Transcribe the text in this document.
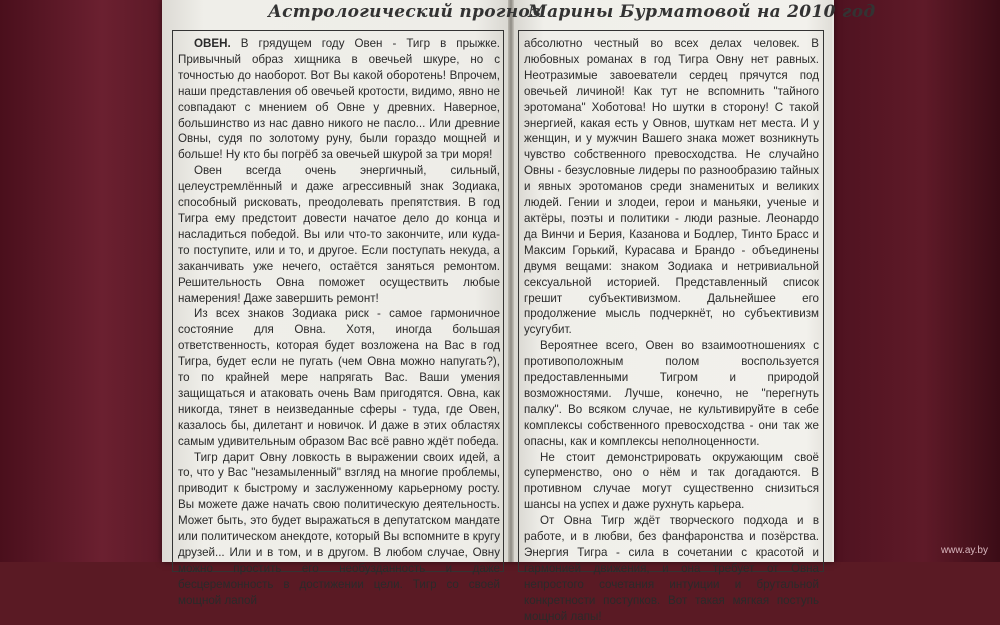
Астрологический прогноз
Марины Бурматовой на 2010 год

ОВЕН. В грядущем году Овен - Тигр в прыжке. Привычный образ хищника в овечьей шкуре, но с точностью до наоборот. Вот Вы какой оборотень! Впрочем, наши представления об овечьей кротости, видимо, явно не совпадают с мнением об Овне у древних. Наверное, большинство из нас давно никого не пасло... Или древние Овны, судя по золотому руну, были гораздо мощней и больше! Ну кто бы погрёб за овечьей шкурой за три моря!

Овен всегда очень энергичный, сильный, целеустремлённый и даже агрессивный знак Зодиака, способный рисковать, преодолевать препятствия. В год Тигра ему предстоит довести начатое дело до конца и насладиться победой. Вы или что-то закончите, или куда-то поступите, или и то, и другое. Если поступать некуда, а заканчивать уже нечего, остаётся заняться ремонтом. Решительность Овна поможет осуществить любые намерения! Даже завершить ремонт!

Из всех знаков Зодиака риск - самое гармоничное состояние для Овна. Хотя, иногда большая ответственность, которая будет возложена на Вас в год Тигра, будет если не пугать (чем Овна можно напугать?), то по крайней мере напрягать Вас. Ваши умения защищаться и атаковать очень Вам пригодятся. Овна, как никогда, тянет в неизведанные сферы - туда, где Овен, казалось бы, дилетант и новичок. И даже в этих областях самым удивительным образом Вас всё равно ждёт победа.

Тигр дарит Овну ловкость в выражении своих идей, а то, что у Вас "незамыленный" взгляд на многие проблемы, приводит к быстрому и заслуженному карьерному росту. Вы можете даже начать свою политическую деятельность. Может быть, это будет выражаться в депутатском мандате или политическом анекдоте, который Вы вспомните в кругу друзей... Или и в том, и в другом. В любом случае, Овну можно простить его необузданность и даже бесцеремонность в достижении цели. Тигр со своей мощной лапой

абсолютно честный во всех делах человек. В любовных романах в год Тигра Овну нет равных. Неотразимые завоеватели сердец прячутся под овечьей личиной! Как тут не вспомнить "тайного эротомана" Хоботова! Но шутки в сторону! С такой энергией, какая есть у Овнов, шуткам нет места. И у женщин, и у мужчин Вашего знака может возникнуть чувство собственного превосходства. Не случайно Овны - безусловные лидеры по разнообразию тайных и явных эротоманов среди знаменитых и великих людей. Гении и злодеи, герои и маньяки, ученые и актёры, поэты и политики - люди разные. Леонардо да Винчи и Берия, Казанова и Бодлер, Тинто Брасс и Максим Горький, Курасава и Брандо - объединены двумя вещами: знаком Зодиака и нетривиальной сексуальной историей. Представленный список грешит субъективизмом. Дальнейшее его продолжение мысль подчеркнёт, но субъективизм усугубит.

Вероятнее всего, Овен во взаимоотношениях с противоположным полом воспользуется предоставленными Тигром и природой возможностями. Лучше, конечно, не "перегнуть палку". Во всяком случае, не культивируйте в себе комплексы собственного превосходства - они так же опасны, как и комплексы неполноценности.

Не стоит демонстрировать окружающим своё суперменство, оно о нём и так догадаются. В противном случае могут существенно снизиться шансы на успех и даже рухнуть карьера.

От Овна Тигр ждёт творческого подхода и в работе, и в любви, без фанфаронства и позёрства. Энергия Тигра - сила в сочетании с красотой и гармонией движения, и она требует от Овна непростого сочетания интуиции и брутальной конкретности поступков. Вот такая мягкая поступь мощной лапы!

www.ay.by
